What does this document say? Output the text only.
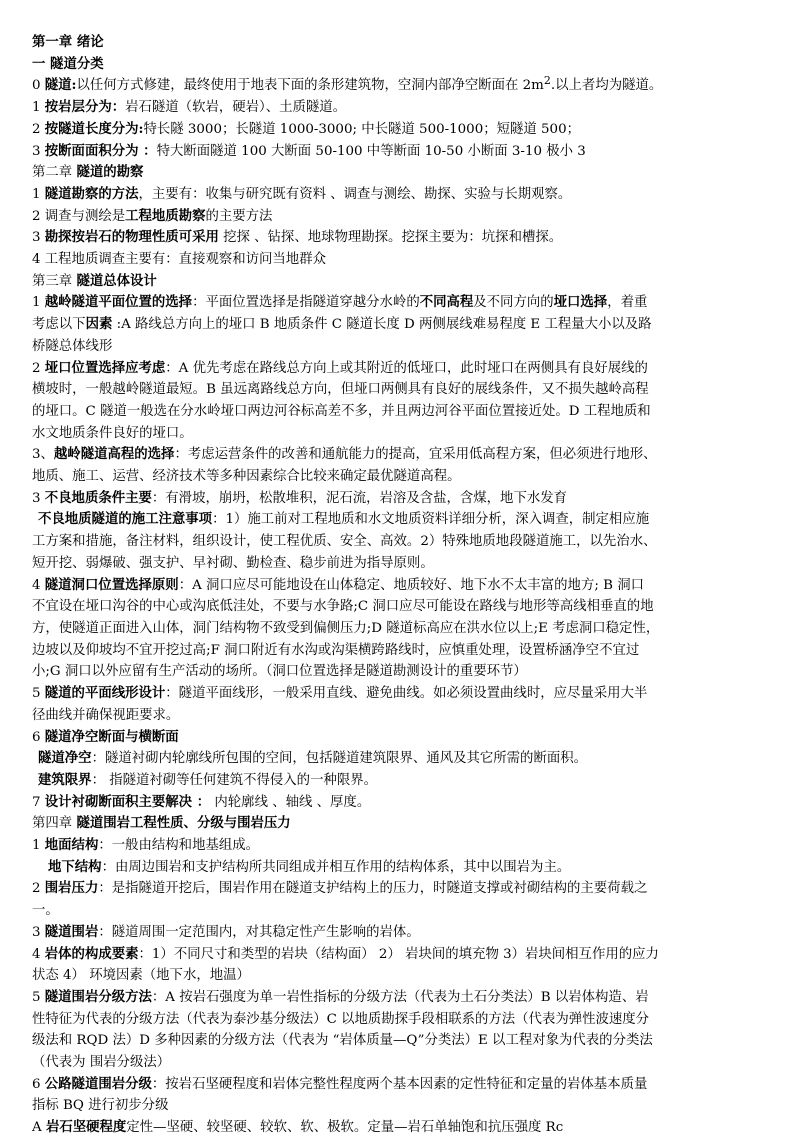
第一章 绪论
一 隧道分类
0 隧道:以任何方式修建，最终使用于地表下面的条形建筑物，空洞内部净空断面在 $2m^2$.以上者均为隧道。
1 按岩层分为：岩石隧道（软岩，硬岩）、土质隧道。
2 按隧道长度分为:特长隧 3000；长隧道 1000-3000; 中长隧道 500-1000；短隧道 500；
3 按断面面积分为 ：特大断面隧道 100 大断面 50-100 中等断面 10-50 小断面 3-10 极小 3
第二章 隧道的勘察
1 隧道勘察的方法，主要有：收集与研究既有资料 、调查与测绘、勘探、实验与长期观察。
2 调查与测绘是工程地质勘察的主要方法
3 勘探按岩石的物理性质可采用 挖探 、钻探、地球物理勘探。挖探主要为：坑探和槽探。
4 工程地质调查主要有：直接观察和访问当地群众
第三章 隧道总体设计
1 越岭隧道平面位置的选择：平面位置选择是指隧道穿越分水岭的不同高程及不同方向的垭口选择，着重
考虑以下因素 :A 路线总方向上的垭口 B 地质条件 C 隧道长度 D 两侧展线难易程度 E 工程量大小以及路
桥隧总体线形
2 垭口位置选择应考虑：A 优先考虑在路线总方向上或其附近的低垭口，此时垭口在两侧具有良好展线的
横坡时，一般越岭隧道最短。B 虽远离路线总方向，但垭口两侧具有良好的展线条件，又不损失越岭高程
的垭口。C 隧道一般选在分水岭垭口两边河谷标高差不多，并且两边河谷平面位置接近处。D 工程地质和
水文地质条件良好的垭口。
3、越岭隧道高程的选择：考虑运营条件的改善和通航能力的提高，宜采用低高程方案，但必须进行地形、
地质、施工、运营、经济技术等多种因素综合比较来确定最优隧道高程。
3 不良地质条件主要：有滑坡，崩坍，松散堆积，泥石流，岩溶及含盐，含煤，地下水发育
不良地质隧道的施工注意事项：1）施工前对工程地质和水文地质资料详细分析，深入调查，制定相应施
工方案和措施，备注材料，组织设计，使工程优质、安全、高效。2）特殊地质地段隧道施工，以先治水、
短开挖、弱爆破、强支护、早衬砌、勤检查、稳步前进为指导原则。
4 隧道洞口位置选择原则：A 洞口应尽可能地设在山体稳定、地质较好、地下水不太丰富的地方; B 洞口
不宜设在垭口沟谷的中心或沟底低洼处，不要与水争路;C 洞口应尽可能设在路线与地形等高线相垂直的地
方，使隧道正面进入山体，洞门结构物不致受到偏侧压力;D 隧道标高应在洪水位以上;E 考虑洞口稳定性，
边坡以及仰坡均不宜开挖过高;F 洞口附近有水沟或沟渠横跨路线时，应慎重处理，设置桥涵净空不宜过
小;G 洞口以外应留有生产活动的场所。（洞口位置选择是隧道勘测设计的重要环节）
5 隧道的平面线形设计：隧道平面线形，一般采用直线、避免曲线。如必须设置曲线时，应尽量采用大半
径曲线并确保视距要求。
6 隧道净空断面与横断面
隧道净空：隧道衬砌内轮廓线所包围的空间，包括隧道建筑限界、通风及其它所需的断面积。
建筑限界： 指隧道衬砌等任何建筑不得侵入的一种限界。
7 设计衬砌断面积主要解决 ： 内轮廓线 、轴线 、厚度。
第四章 隧道围岩工程性质、分级与围岩压力
1 地面结构：一般由结构和地基组成。
地下结构：由周边围岩和支护结构所共同组成并相互作用的结构体系，其中以围岩为主。
2 围岩压力：是指隧道开挖后，围岩作用在隧道支护结构上的压力，时隧道支撑或衬砌结构的主要荷载之
一。
3 隧道围岩：隧道周围一定范围内，对其稳定性产生影响的岩体。
4 岩体的构成要素：1）不同尺寸和类型的岩块（结构面） 2） 岩块间的填充物 3）岩块间相互作用的应力
状态 4） 环境因素（地下水，地温）
5 隧道围岩分级方法：A 按岩石强度为单一岩性指标的分级方法（代表为土石分类法）B 以岩体构造、岩
性特征为代表的分级方法（代表为泰沙基分级法）C 以地质勘探手段相联系的方法（代表为弹性波速度分
级法和 RQD 法）D 多种因素的分级方法（代表为 “岩体质量—Q”分类法）E 以工程对象为代表的分类法
（代表为 围岩分级法）
6 公路隧道围岩分级：按岩石坚硬程度和岩体完整性程度两个基本因素的定性特征和定量的岩体基本质量
指标 BQ 进行初步分级
A 岩石坚硬程度定性—坚硬、较坚硬、较软、软、极软。定量—岩石单轴饱和抗压强度 Rc
